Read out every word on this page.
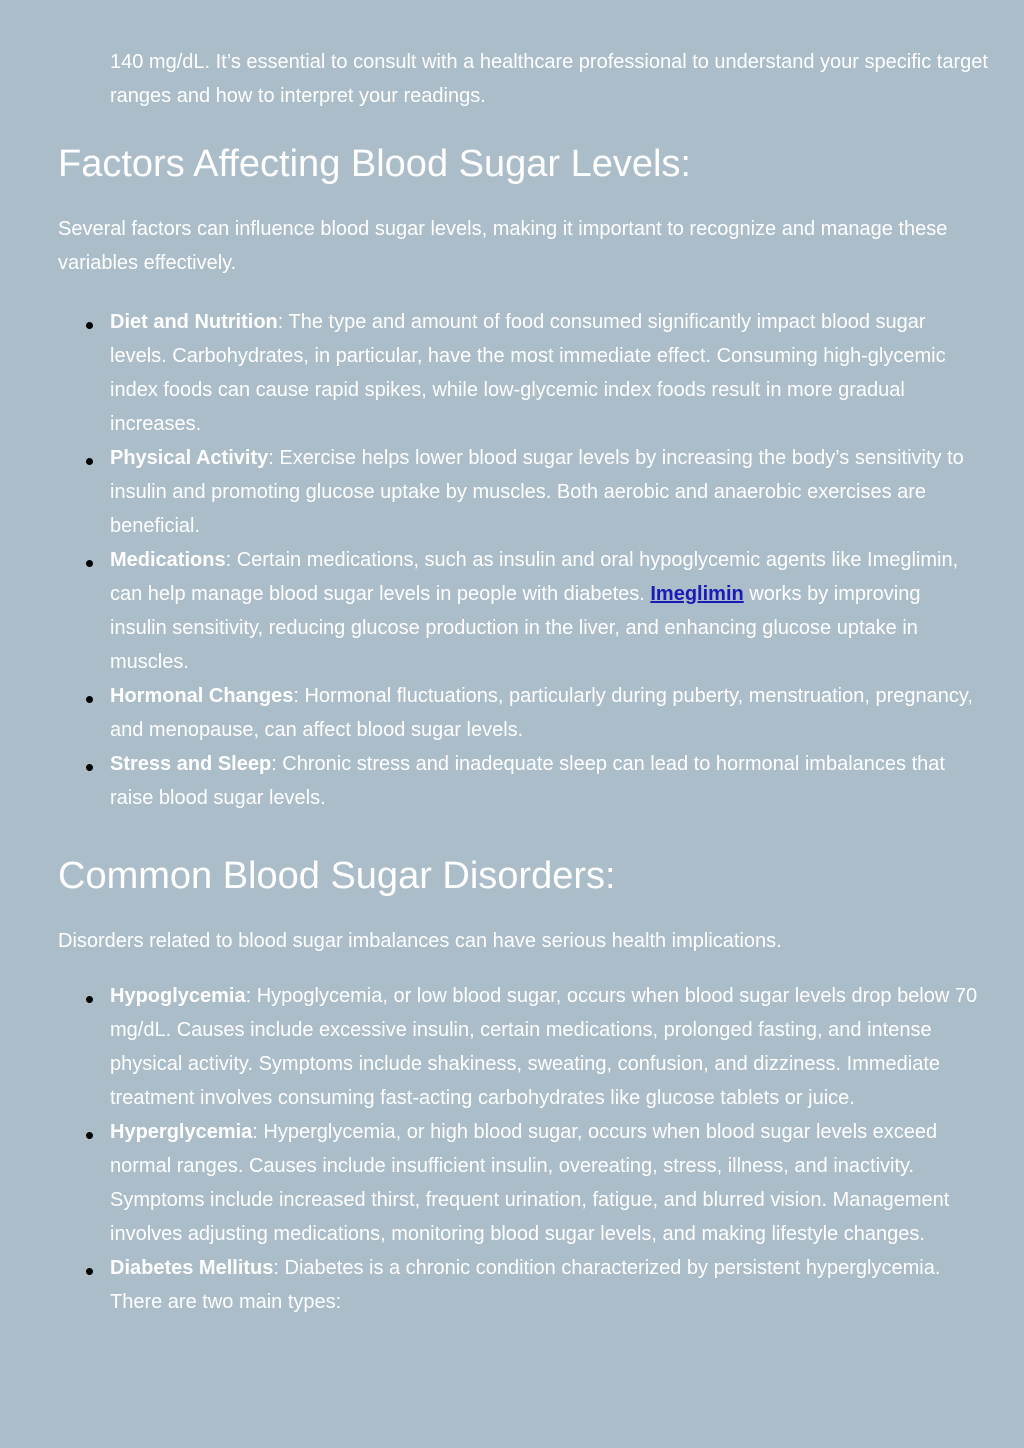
140 mg/dL. It’s essential to consult with a healthcare professional to understand your specific target ranges and how to interpret your readings.

Factors Affecting Blood Sugar Levels:

Several factors can influence blood sugar levels, making it important to recognize and manage these variables effectively.

Diet and Nutrition: The type and amount of food consumed significantly impact blood sugar levels. Carbohydrates, in particular, have the most immediate effect. Consuming high-glycemic index foods can cause rapid spikes, while low-glycemic index foods result in more gradual increases.
Physical Activity: Exercise helps lower blood sugar levels by increasing the body’s sensitivity to insulin and promoting glucose uptake by muscles. Both aerobic and anaerobic exercises are beneficial.
Medications: Certain medications, such as insulin and oral hypoglycemic agents like Imeglimin, can help manage blood sugar levels in people with diabetes. Imeglimin works by improving insulin sensitivity, reducing glucose production in the liver, and enhancing glucose uptake in muscles.
Hormonal Changes: Hormonal fluctuations, particularly during puberty, menstruation, pregnancy, and menopause, can affect blood sugar levels.
Stress and Sleep: Chronic stress and inadequate sleep can lead to hormonal imbalances that raise blood sugar levels.
Common Blood Sugar Disorders:

Disorders related to blood sugar imbalances can have serious health implications.

Hypoglycemia: Hypoglycemia, or low blood sugar, occurs when blood sugar levels drop below 70 mg/dL. Causes include excessive insulin, certain medications, prolonged fasting, and intense physical activity. Symptoms include shakiness, sweating, confusion, and dizziness. Immediate treatment involves consuming fast-acting carbohydrates like glucose tablets or juice.
Hyperglycemia: Hyperglycemia, or high blood sugar, occurs when blood sugar levels exceed normal ranges. Causes include insufficient insulin, overeating, stress, illness, and inactivity. Symptoms include increased thirst, frequent urination, fatigue, and blurred vision. Management involves adjusting medications, monitoring blood sugar levels, and making lifestyle changes.
Diabetes Mellitus: Diabetes is a chronic condition characterized by persistent hyperglycemia. There are two main types:
